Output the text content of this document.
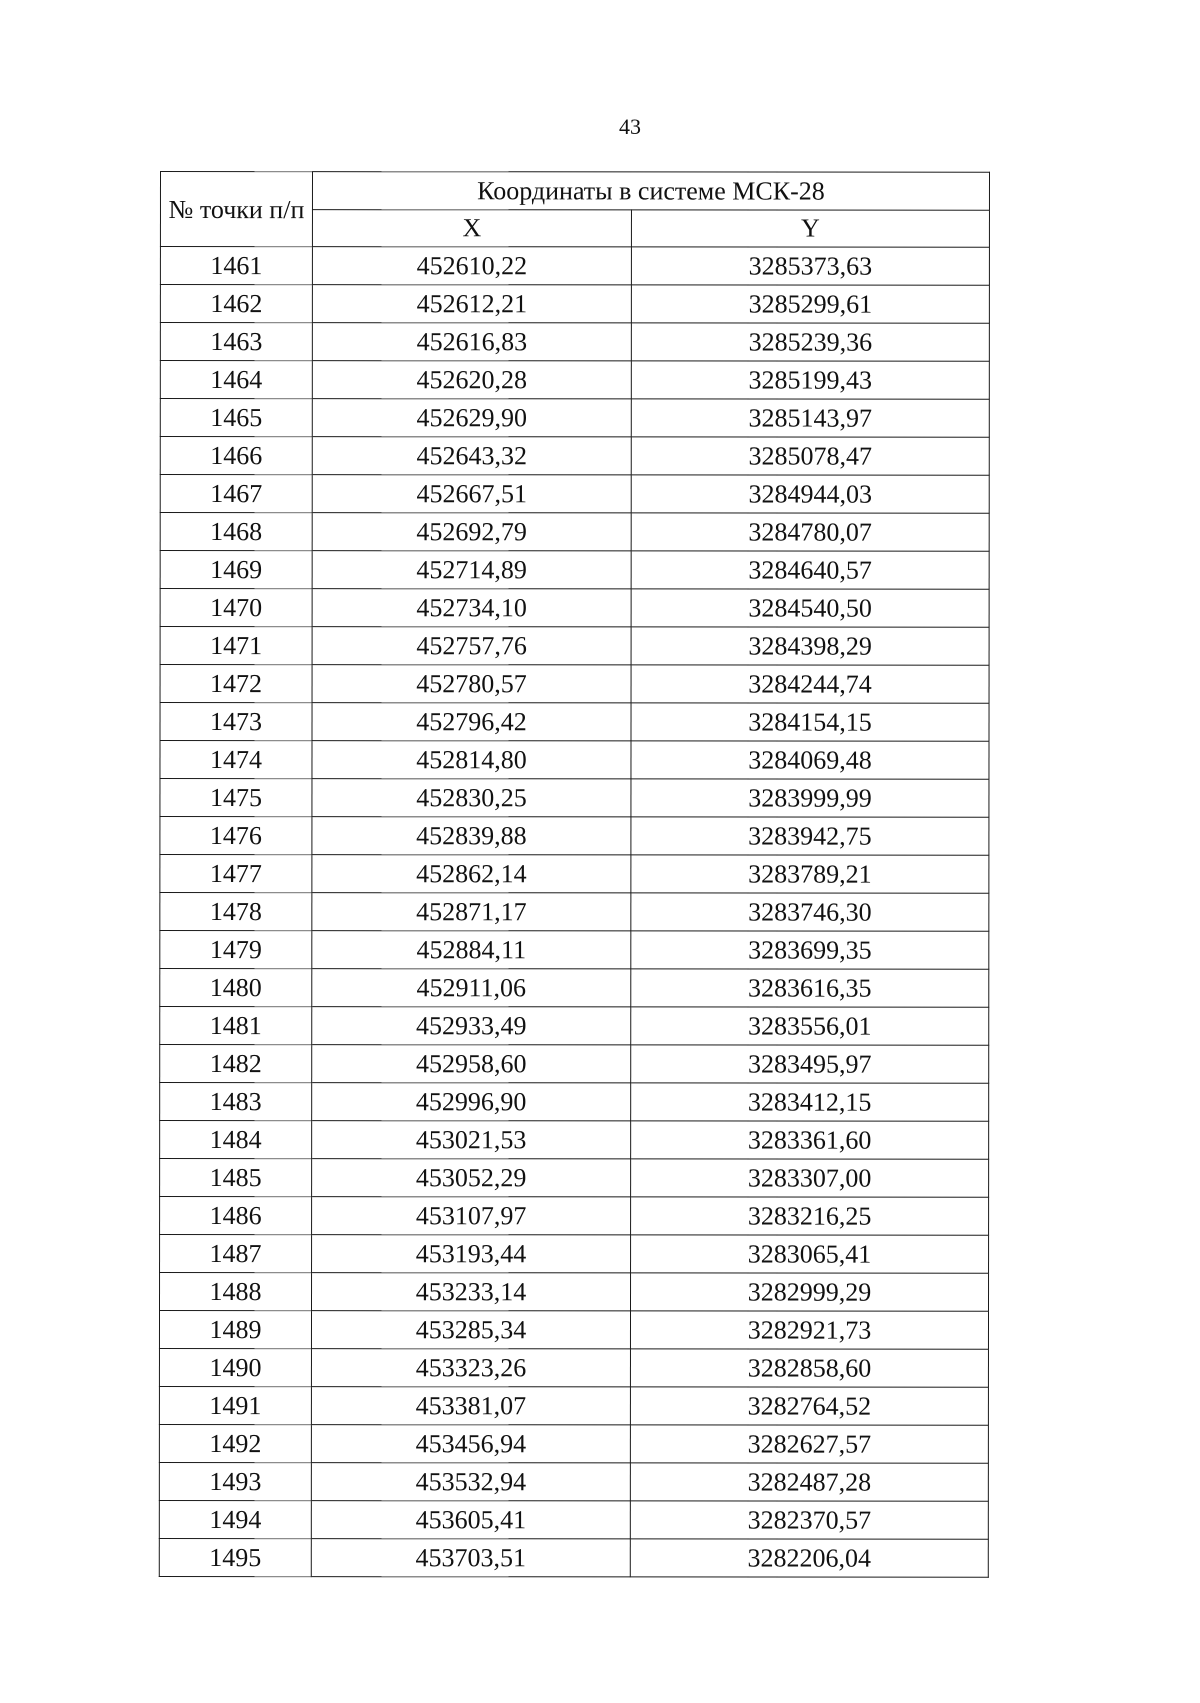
43
№ точки п/п	Координаты в системе МСК-28	
	X	Y
1461	452610,22	3285373,63
1462	452612,21	3285299,61
1463	452616,83	3285239,36
1464	452620,28	3285199,43
1465	452629,90	3285143,97
1466	452643,32	3285078,47
1467	452667,51	3284944,03
1468	452692,79	3284780,07
1469	452714,89	3284640,57
1470	452734,10	3284540,50
1471	452757,76	3284398,29
1472	452780,57	3284244,74
1473	452796,42	3284154,15
1474	452814,80	3284069,48
1475	452830,25	3283999,99
1476	452839,88	3283942,75
1477	452862,14	3283789,21
1478	452871,17	3283746,30
1479	452884,11	3283699,35
1480	452911,06	3283616,35
1481	452933,49	3283556,01
1482	452958,60	3283495,97
1483	452996,90	3283412,15
1484	453021,53	3283361,60
1485	453052,29	3283307,00
1486	453107,97	3283216,25
1487	453193,44	3283065,41
1488	453233,14	3282999,29
1489	453285,34	3282921,73
1490	453323,26	3282858,60
1491	453381,07	3282764,52
1492	453456,94	3282627,57
1493	453532,94	3282487,28
1494	453605,41	3282370,57
1495	453703,51	3282206,04
